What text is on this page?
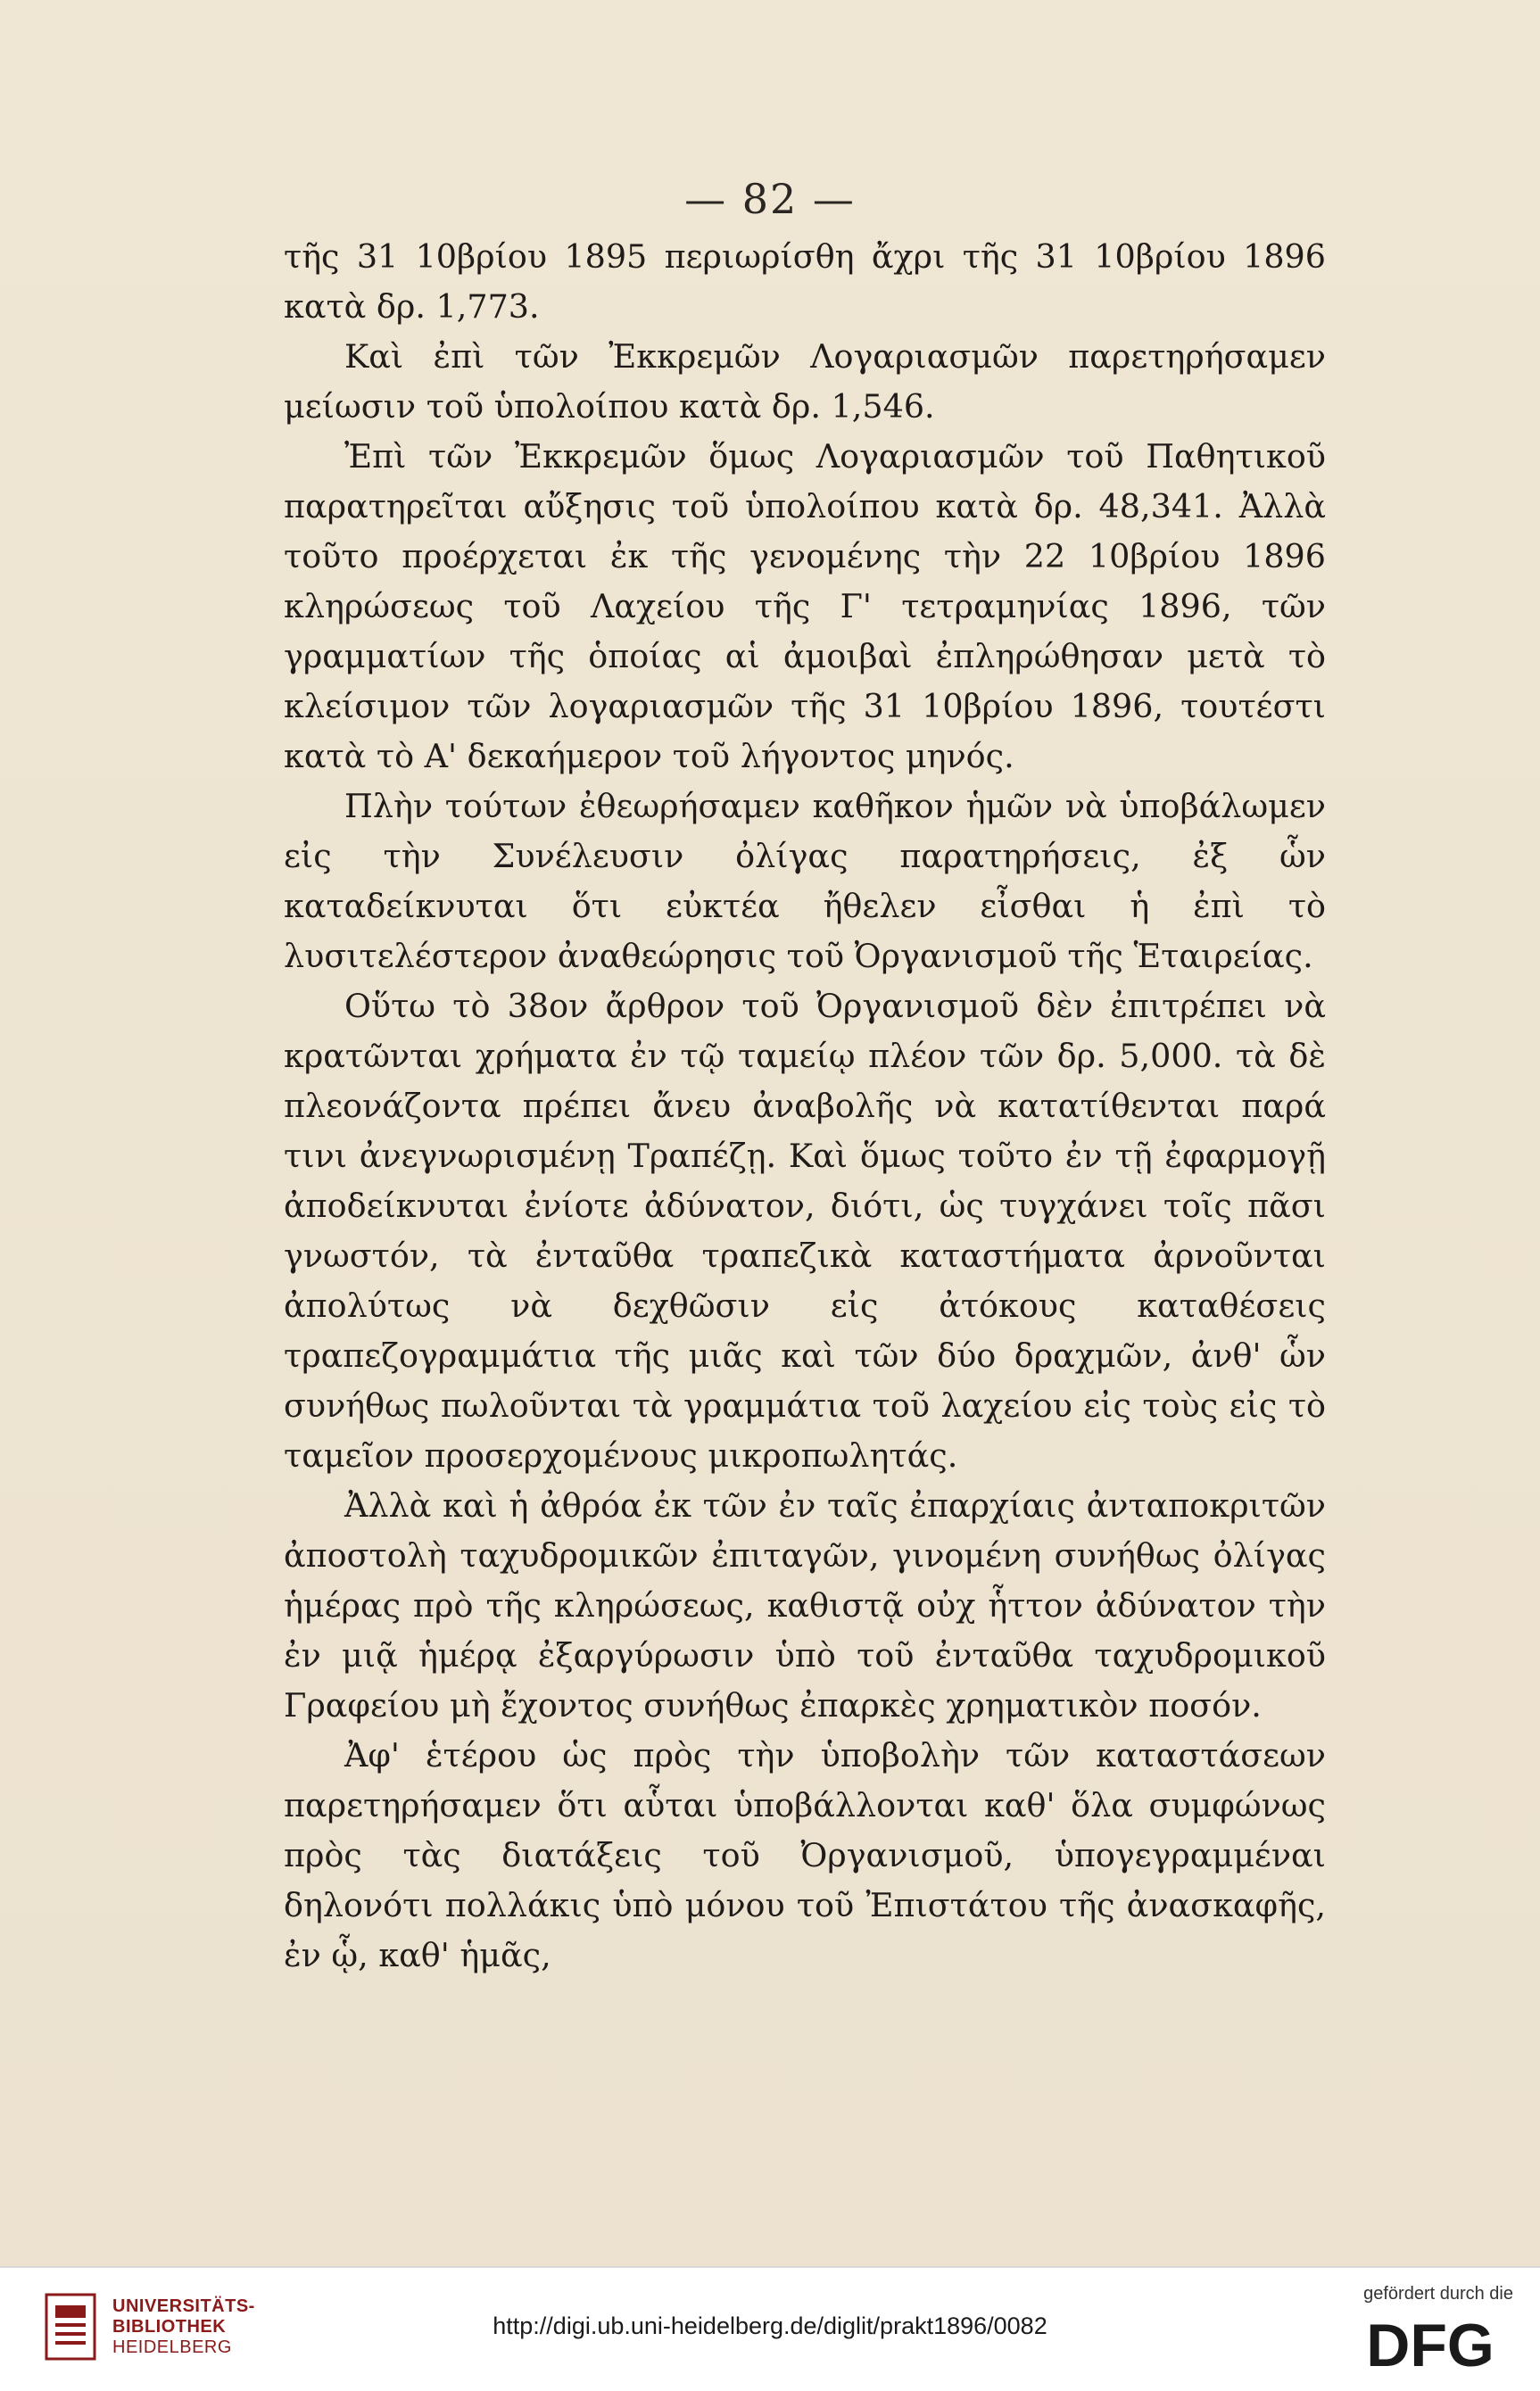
— 82 —

τῆς 31 10βρίου 1895 περιωρίσθη ἄχρι τῆς 31 10βρίου 1896 κατὰ δρ. 1,773.

Καὶ ἐπὶ τῶν Ἐκκρεμῶν Λογαριασμῶν παρετηρήσαμεν μείωσιν τοῦ ὑπολοίπου κατὰ δρ. 1,546.

Ἐπὶ τῶν Ἐκκρεμῶν ὅμως Λογαριασμῶν τοῦ Παθητικοῦ παρατηρεῖται αὔξησις τοῦ ὑπολοίπου κατὰ δρ. 48,341. Ἀλλὰ τοῦτο προέρχεται ἐκ τῆς γενομένης τὴν 22 10βρίου 1896 κληρώσεως τοῦ Λαχείου τῆς Γ' τετραμηνίας 1896, τῶν γραμματίων τῆς ὁποίας αἱ ἀμοιβαὶ ἐπληρώθησαν μετὰ τὸ κλείσιμον τῶν λογαριασμῶν τῆς 31 10βρίου 1896, τουτέστι κατὰ τὸ Α' δεκαήμερον τοῦ λήγοντος μηνός.

Πλὴν τούτων ἐθεωρήσαμεν καθῆκον ἡμῶν νὰ ὑποβάλωμεν εἰς τὴν Συνέλευσιν ὀλίγας παρατηρήσεις, ἐξ ὧν καταδείκνυται ὅτι εὐκτέα ἤθελεν εἶσθαι ἡ ἐπὶ τὸ λυσιτελέστερον ἀναθεώρησις τοῦ Ὀργανισμοῦ τῆς Ἑταιρείας.

Οὕτω τὸ 38ον ἄρθρον τοῦ Ὀργανισμοῦ δὲν ἐπιτρέπει νὰ κρατῶνται χρήματα ἐν τῷ ταμείῳ πλέον τῶν δρ. 5,000. τὰ δὲ πλεονάζοντα πρέπει ἄνευ ἀναβολῆς νὰ κατατίθενται παρά τινι ἀνεγνωρισμένῃ Τραπέζῃ. Καὶ ὅμως τοῦτο ἐν τῇ ἐφαρμογῇ ἀποδείκνυται ἐνίοτε ἀδύνατον, διότι, ὡς τυγχάνει τοῖς πᾶσι γνωστόν, τὰ ἐνταῦθα τραπεζικὰ καταστήματα ἀρνοῦνται ἀπολύτως νὰ δεχθῶσιν εἰς ἀτόκους καταθέσεις τραπεζογραμμάτια τῆς μιᾶς καὶ τῶν δύο δραχμῶν, ἀνθ' ὧν συνήθως πωλοῦνται τὰ γραμμάτια τοῦ λαχείου εἰς τοὺς εἰς τὸ ταμεῖον προσερχομένους μικροπωλητάς.

Ἀλλὰ καὶ ἡ ἀθρόα ἐκ τῶν ἐν ταῖς ἐπαρχίαις ἀνταποκριτῶν ἀποστολὴ ταχυδρομικῶν ἐπιταγῶν, γινομένη συνήθως ὀλίγας ἡμέρας πρὸ τῆς κληρώσεως, καθιστᾷ οὐχ ἧττον ἀδύνατον τὴν ἐν μιᾷ ἡμέρᾳ ἐξαργύρωσιν ὑπὸ τοῦ ἐνταῦθα ταχυδρομικοῦ Γραφείου μὴ ἔχοντος συνήθως ἐπαρκὲς χρηματικὸν ποσόν.

Ἀφ' ἑτέρου ὡς πρὸς τὴν ὑποβολὴν τῶν καταστάσεων παρετηρήσαμεν ὅτι αὗται ὑποβάλλονται καθ' ὅλα συμφώνως πρὸς τὰς διατάξεις τοῦ Ὀργανισμοῦ, ὑπογεγραμμέναι δηλονότι πολλάκις ὑπὸ μόνου τοῦ Ἐπιστάτου τῆς ἀνασκαφῆς, ἐν ᾧ, καθ' ἡμᾶς,

UNIVERSITÄTS-
BIBLIOTHEK
HEIDELBERG
http://digi.ub.uni-heidelberg.de/diglit/prakt1896/0082
gefördert durch die
DFG
